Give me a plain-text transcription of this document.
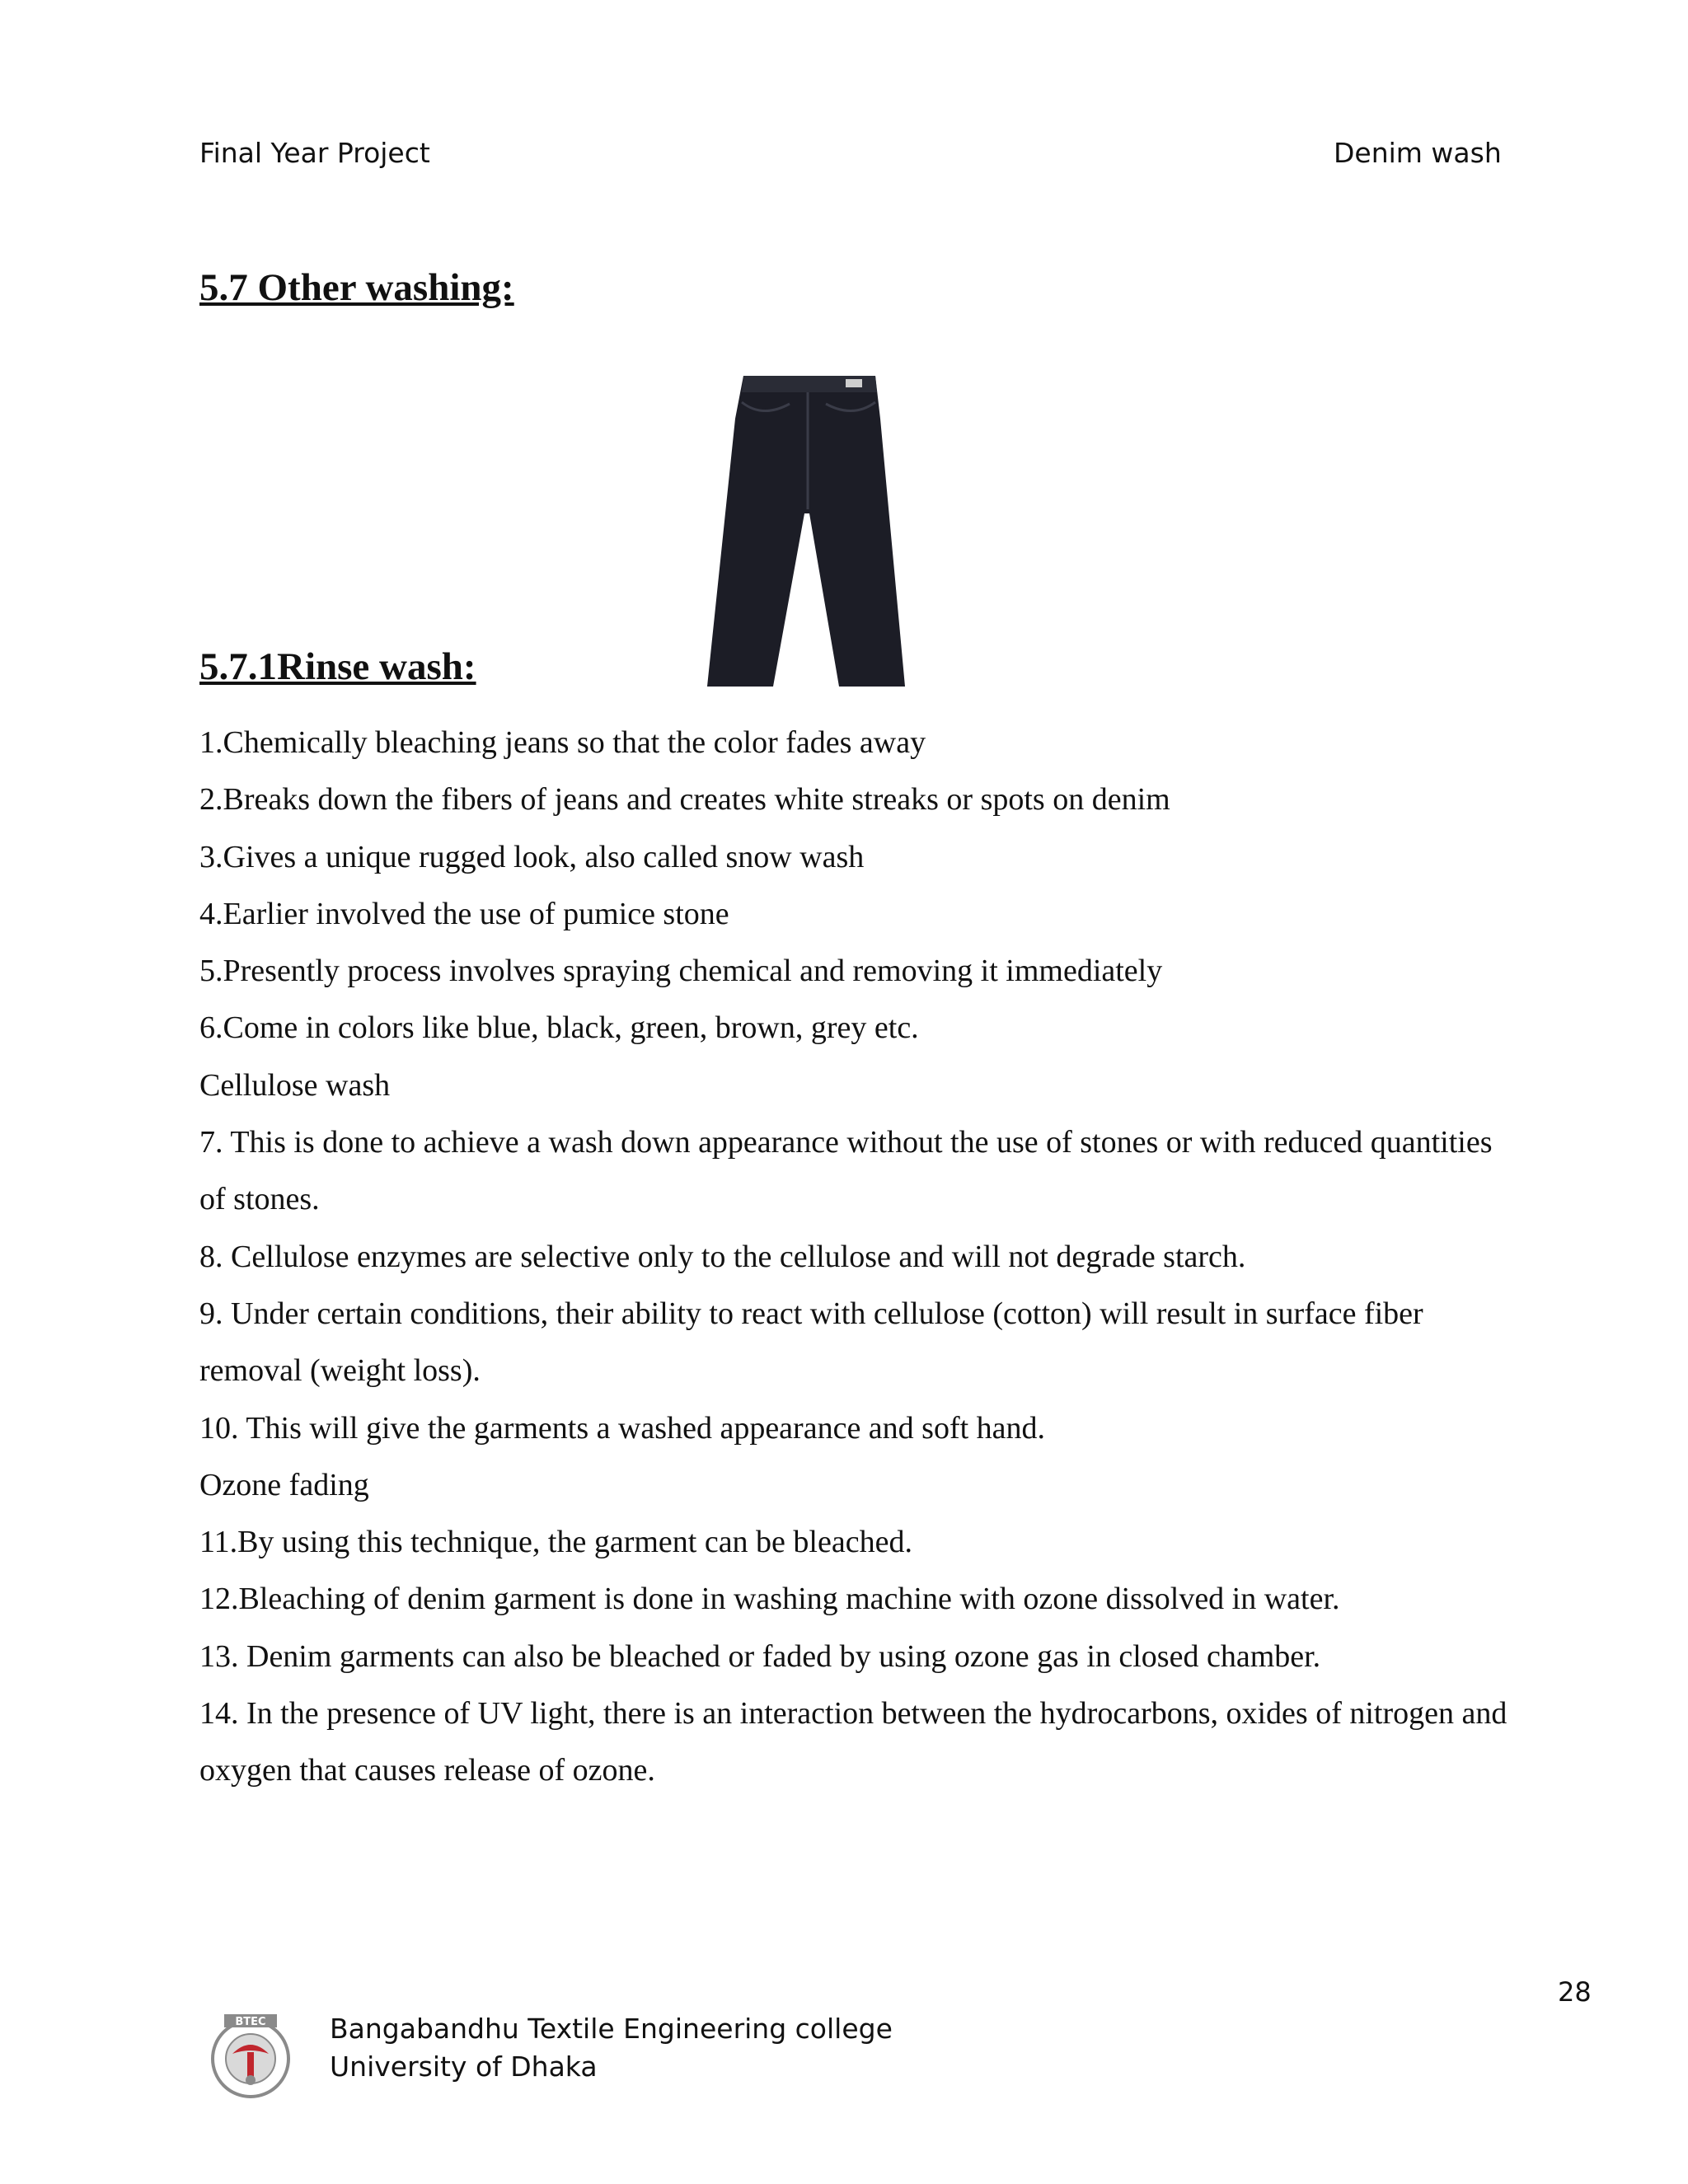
Final Year Project	Denim wash
5.7 Other washing:
5.7.1Rinse wash:
1.Chemically bleaching jeans so that the color fades away
2.Breaks down the fibers of jeans and creates white streaks or spots on denim
3.Gives a unique rugged look, also called snow wash
4.Earlier involved the use of pumice stone
5.Presently process involves spraying chemical and removing it immediately
6.Come in colors like blue, black, green, brown, grey etc.
Cellulose wash
7. This is done to achieve a wash down appearance without the use of stones or with reduced quantities
of stones.
8. Cellulose enzymes are selective only to the cellulose and will not degrade starch.
9. Under certain conditions, their ability to react with cellulose (cotton) will result in surface fiber
removal (weight loss).
10. This will give the garments a washed appearance and soft hand.
Ozone fading
11.By using this technique, the garment can be bleached.
12.Bleaching of denim garment is done in washing machine with ozone dissolved in water.
13. Denim garments can also be bleached or faded by using ozone gas in closed chamber.
14. In the presence of UV light, there is an interaction between the hydrocarbons, oxides of nitrogen and
oxygen that causes release of ozone.
28
BTEC Bangabandhu Textile Engineering college
University of Dhaka
